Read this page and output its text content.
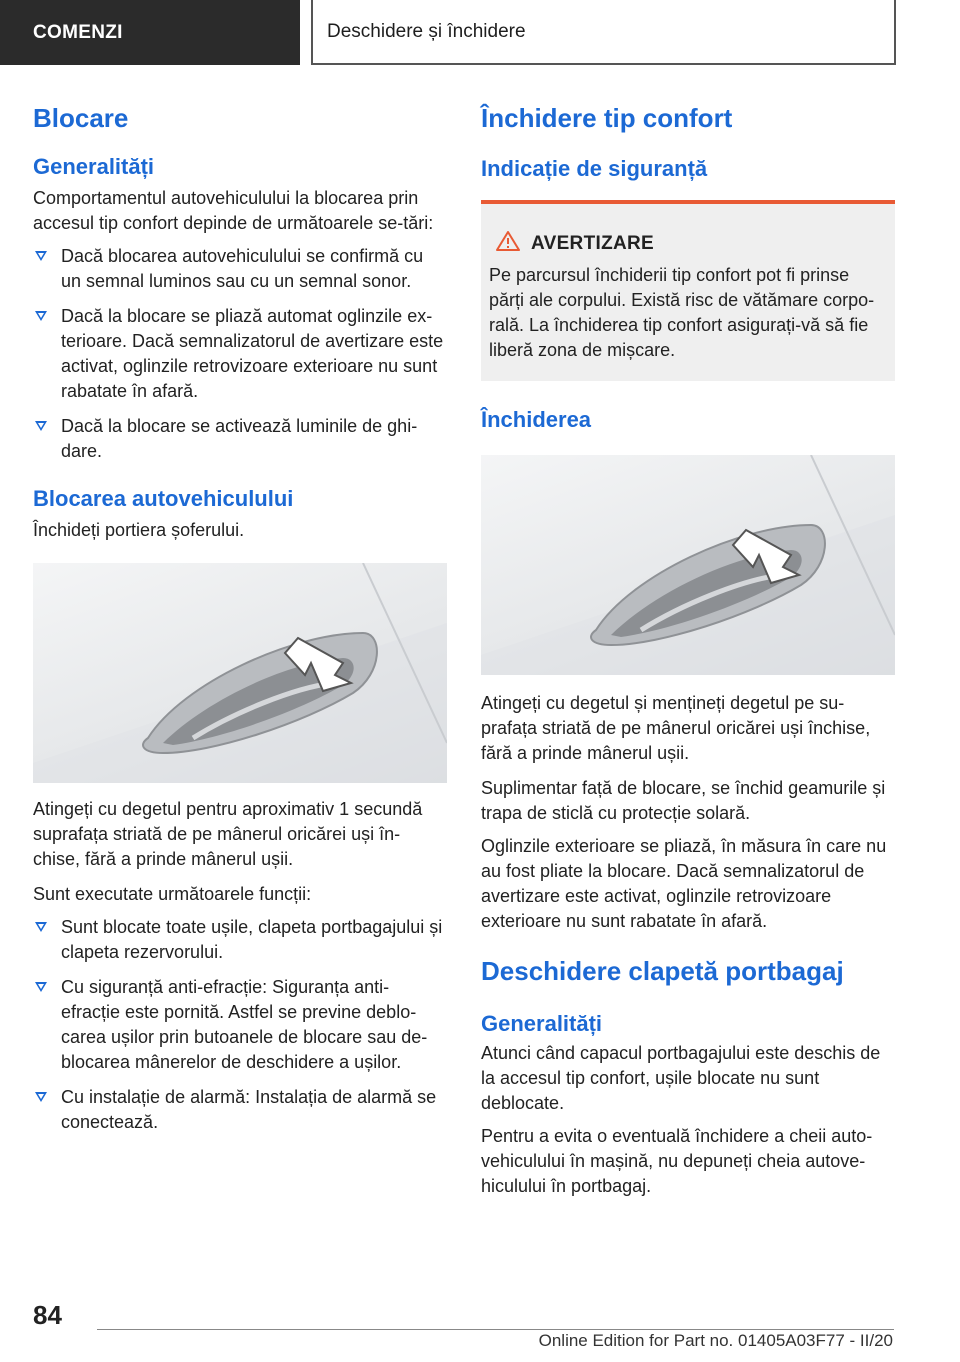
COMENZI	Deschidere și închidere
Blocare
Generalități

Comportamentul autovehiculului la blocarea prin accesul tip confort depinde de următoarele se-tări:

Dacă blocarea autovehiculului se confirmă cu un semnal luminos sau cu un semnal sonor.
Dacă la blocare se pliază automat oglinzile ex-terioare. Dacă semnalizatorul de avertizare este activat, oglinzile retrovizoare exterioare nu sunt rabatate în afară.
Dacă la blocare se activează luminile de ghi-dare.
Blocarea autovehiculului

Închideți portiera șoferului.

Atingeți cu degetul pentru aproximativ 1 secundă suprafața striată de pe mânerul oricărei uși în-chise, fără a prinde mânerul ușii.

Sunt executate următoarele funcții:

Sunt blocate toate ușile, clapeta portbagajului și clapeta rezervorului.
Cu siguranță anti-efracție: Siguranța anti-efracție este pornită. Astfel se previne deblo-carea ușilor prin butoanele de blocare sau de-blocarea mânerelor de deschidere a ușilor.
Cu instalație de alarmă: Instalația de alarmă se conectează.
Închidere tip confort
Indicație de siguranță
AVERTIZARE

Pe parcursul închiderii tip confort pot fi prinse părți ale corpului. Există risc de vătămare corpo-rală. La închiderea tip confort asigurați-vă să fie liberă zona de mișcare.

Închiderea

Atingeți cu degetul și mențineți degetul pe su-prafața striată de pe mânerul oricărei uși închise, fără a prinde mânerul ușii.

Suplimentar față de blocare, se închid geamurile și trapa de sticlă cu protecție solară.

Oglinzile exterioare se pliază, în măsura în care nu au fost pliate la blocare. Dacă semnalizatorul de avertizare este activat, oglinzile retrovizoare exterioare nu sunt rabatate în afară.

Deschidere clapetă portbagaj
Generalități

Atunci când capacul portbagajului este deschis de la accesul tip confort, ușile blocate nu sunt deblocate.

Pentru a evita o eventuală închidere a cheii auto-vehiculului în mașină, nu depuneți cheia autove-hiculului în portbagaj.

84
Online Edition for Part no. 01405A03F77 - II/20
